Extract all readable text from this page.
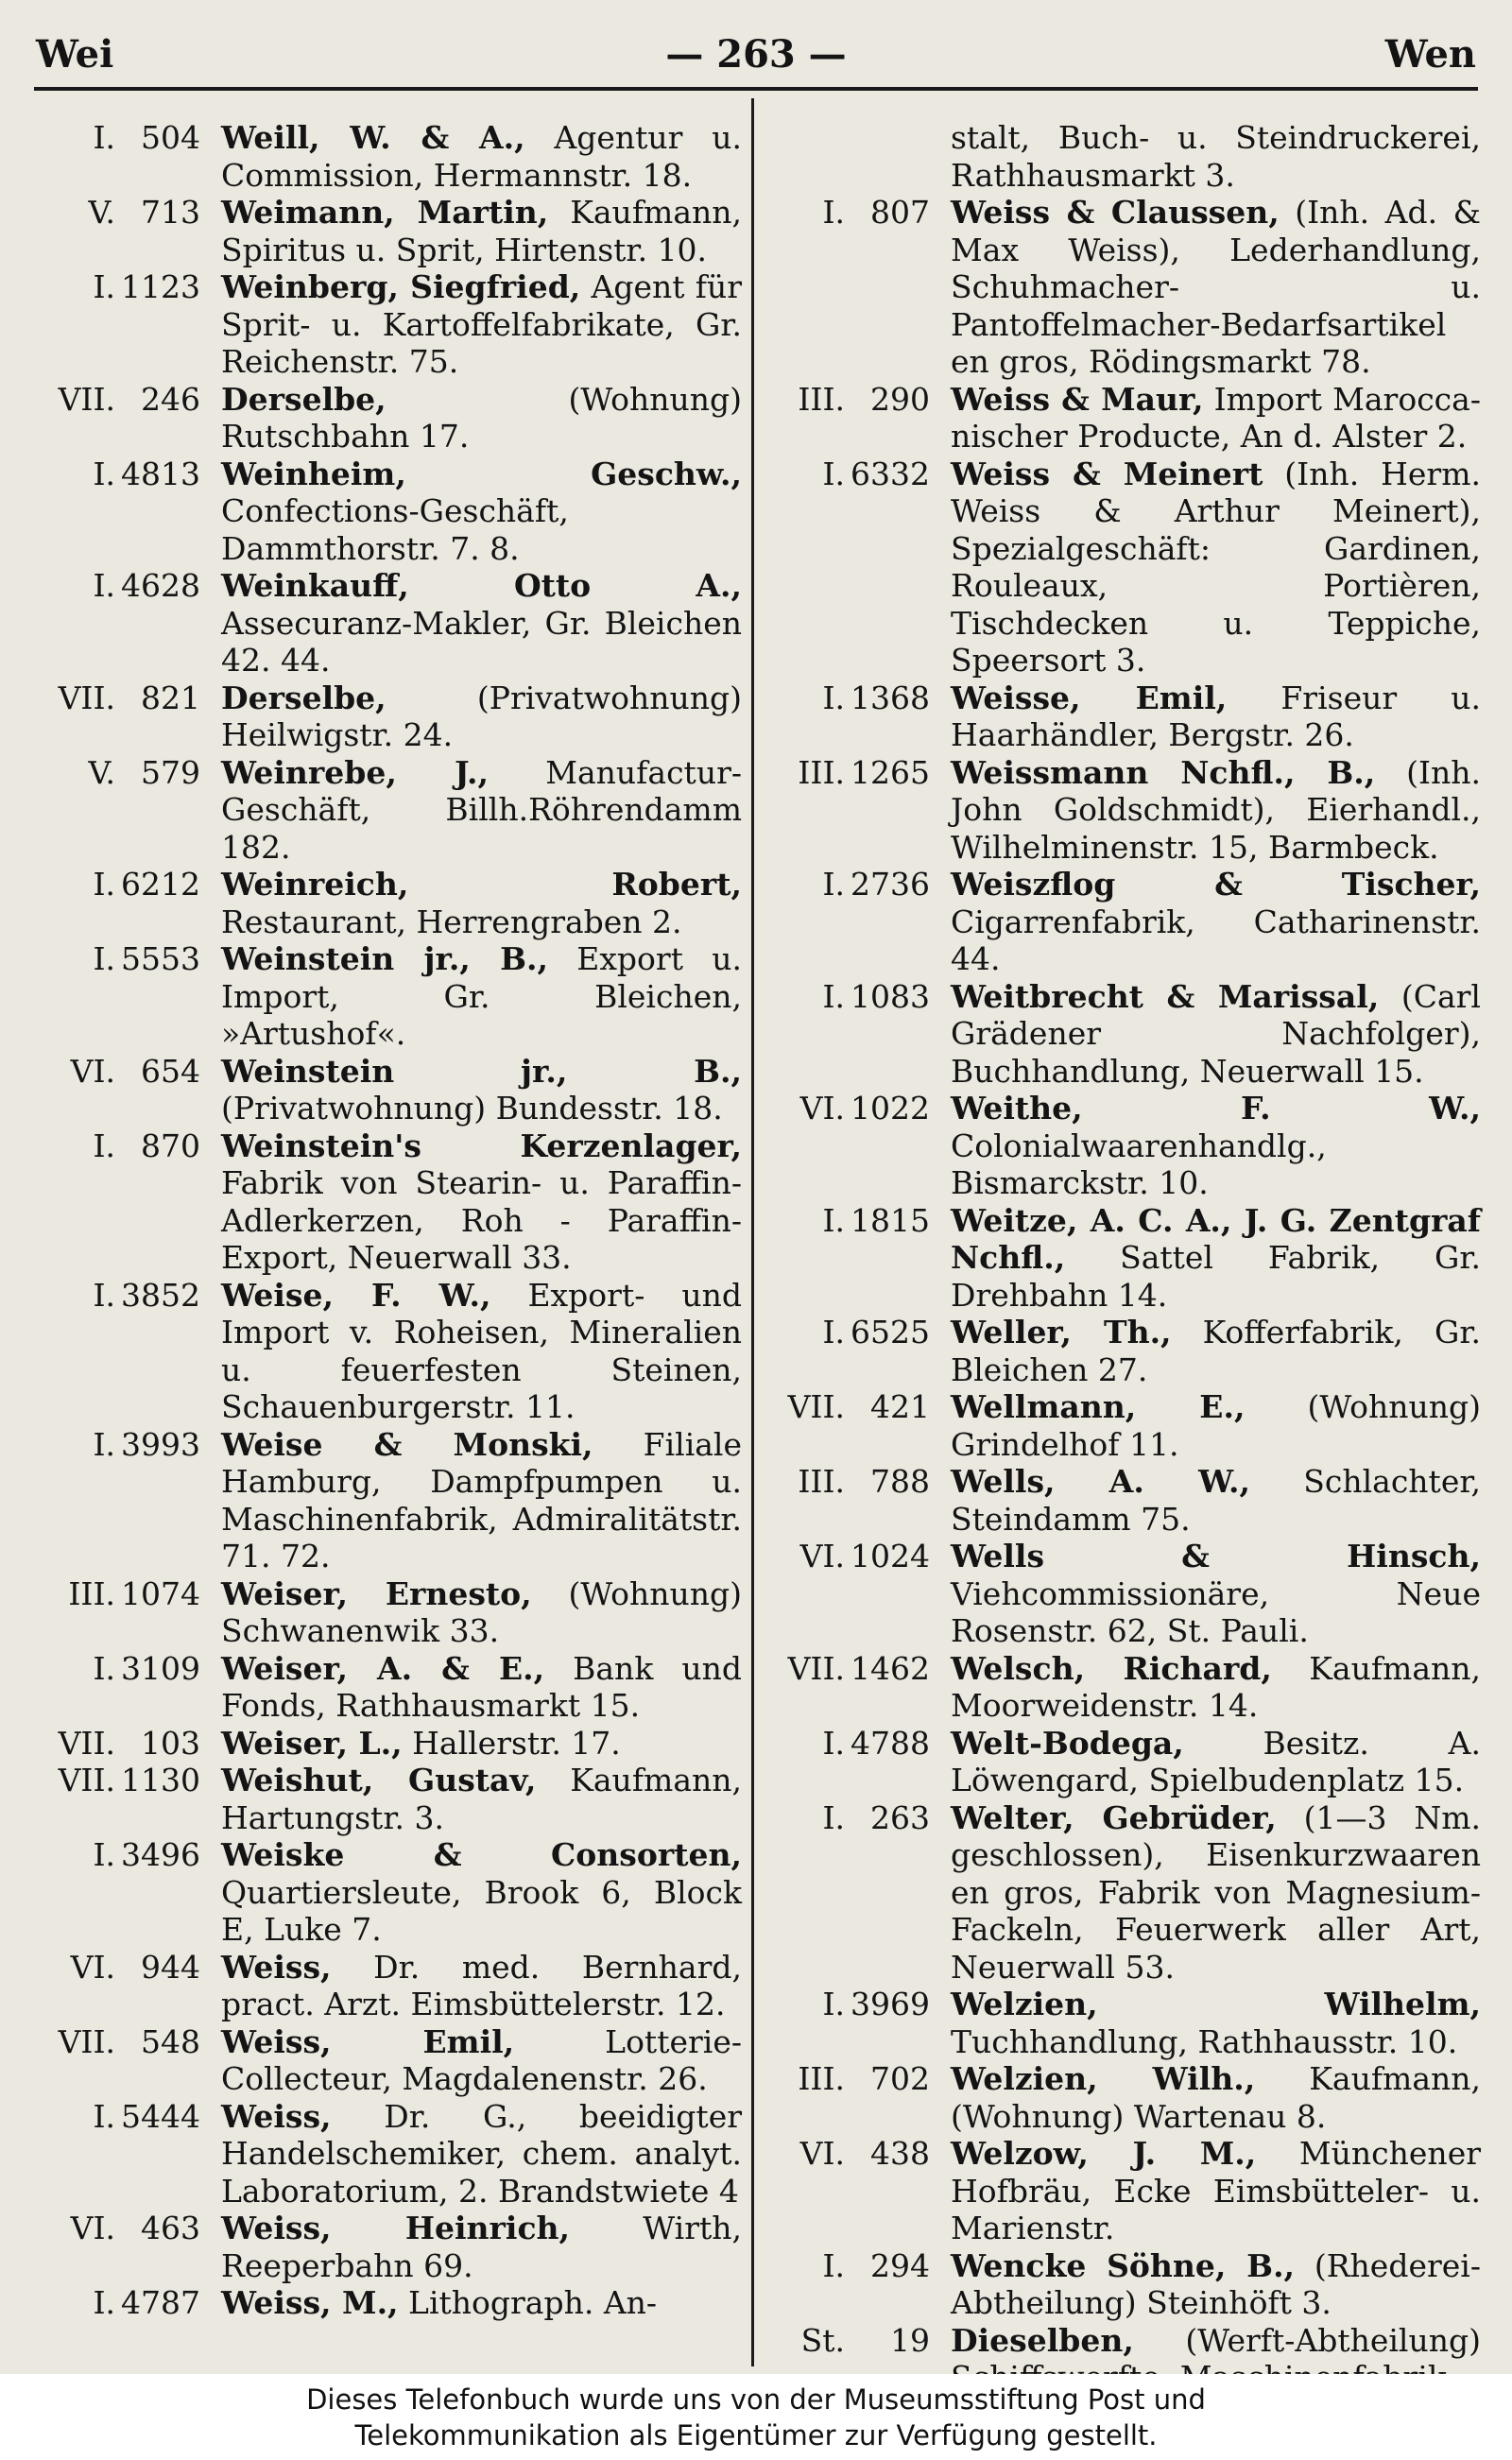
— 263 —
Wei	Wen
I. 504 Weill, W. & A., Agentur u. Commission, Hermannstr. 18.
V. 713 Weimann, Martin, Kaufmann, Spiritus u. Sprit, Hirtenstr. 10.
I. 1123 Weinberg, Siegfried, Agent für Sprit- u. Kartoffelfabrikate, Gr. Reichenstr. 75.
VII. 246 Derselbe, (Wohnung) Rutschbahn 17.
I. 4813 Weinheim, Geschw., Confections-Geschäft, Dammthorstr. 7. 8.
I. 4628 Weinkauff, Otto A., Assecuranz-Makler, Gr. Bleichen 42. 44.
VII. 821 Derselbe, (Privatwohnung) Heilwigstr. 24.
V. 579 Weinrebe, J., Manufactur-Geschäft, Billh.Röhrendamm 182.
I. 6212 Weinreich, Robert, Restaurant, Herrengraben 2.
I. 5553 Weinstein jr., B., Export u. Import, Gr. Bleichen, »Artushof«.
VI. 654 Weinstein jr., B., (Privatwohnung) Bundesstr. 18.
I. 870 Weinstein's Kerzenlager, Fabrik von Stearin- u. Paraffin-Adlerkerzen, Roh - Paraffin-Export, Neuerwall 33.
I. 3852 Weise, F. W., Export- und Import v. Roheisen, Mineralien u. feuerfesten Steinen, Schauenburgerstr. 11.
I. 3993 Weise & Monski, Filiale Hamburg, Dampfpumpen u. Maschinenfabrik, Admiralitätstr. 71. 72.
III. 1074 Weiser, Ernesto, (Wohnung) Schwanenwik 33.
I. 3109 Weiser, A. & E., Bank und Fonds, Rathhausmarkt 15.
VII. 103 Weiser, L., Hallerstr. 17.
VII. 1130 Weishut, Gustav, Kaufmann, Hartungstr. 3.
I. 3496 Weiske & Consorten, Quartiersleute, Brook 6, Block E, Luke 7.
VI. 944 Weiss, Dr. med. Bernhard, pract. Arzt. Eimsbüttelerstr. 12.
VII. 548 Weiss, Emil, Lotterie-Collecteur, Magdalenenstr. 26.
I. 5444 Weiss, Dr. G., beeidigter Handelschemiker, chem. analyt. Laboratorium, 2. Brandstwiete 4
VI. 463 Weiss, Heinrich, Wirth, Reeperbahn 69.
I. 4787 Weiss, M., Lithograph. An-
stalt, Buch- u. Steindruckerei, Rathhausmarkt 3.
I. 807 Weiss & Claussen, (Inh. Ad. & Max Weiss), Lederhandlung, Schuhmacher- u. Pantoffelmacher-Bedarfsartikel en gros, Rödingsmarkt 78.
III. 290 Weiss & Maur, Import Marocca-nischer Producte, An d. Alster 2.
I. 6332 Weiss & Meinert (Inh. Herm. Weiss & Arthur Meinert), Spezialgeschäft: Gardinen, Rouleaux, Portièren, Tischdecken u. Teppiche, Speersort 3.
I. 1368 Weisse, Emil, Friseur u. Haarhändler, Bergstr. 26.
III. 1265 Weissmann Nchfl., B., (Inh. John Goldschmidt), Eierhandl., Wilhelminenstr. 15, Barmbeck.
I. 2736 Weiszflog & Tischer, Cigarrenfabrik, Catharinenstr. 44.
I. 1083 Weitbrecht & Marissal, (Carl Grädener Nachfolger), Buchhandlung, Neuerwall 15.
VI. 1022 Weithe, F. W., Colonialwaarenhandlg., Bismarckstr. 10.
I. 1815 Weitze, A. C. A., J. G. Zentgraf Nchfl., Sattel Fabrik, Gr. Drehbahn 14.
I. 6525 Weller, Th., Kofferfabrik, Gr. Bleichen 27.
VII. 421 Wellmann, E., (Wohnung) Grindelhof 11.
III. 788 Wells, A. W., Schlachter, Steindamm 75.
VI. 1024 Wells & Hinsch, Viehcommissionäre, Neue Rosenstr. 62, St. Pauli.
VII. 1462 Welsch, Richard, Kaufmann, Moorweidenstr. 14.
I. 4788 Welt-Bodega, Besitz. A. Löwengard, Spielbudenplatz 15.
I. 263 Welter, Gebrüder, (1—3 Nm. geschlossen), Eisenkurzwaaren en gros, Fabrik von Magnesium-Fackeln, Feuerwerk aller Art, Neuerwall 53.
I. 3969 Welzien, Wilhelm, Tuchhandlung, Rathhausstr. 10.
III. 702 Welzien, Wilh., Kaufmann, (Wohnung) Wartenau 8.
VI. 438 Welzow, J. M., Münchener Hofbräu, Ecke Eimsbütteler- u. Marienstr.
I. 294 Wencke Söhne, B., (Rhederei-Abtheilung) Steinhöft 3.
St.	19 Dieselben, (Werft-Abtheilung)
Dieses Telefonbuch wurde uns von der Museumsstiftung Post und
Telekommunikation als Eigentümer zur Verfügung gestellt.
